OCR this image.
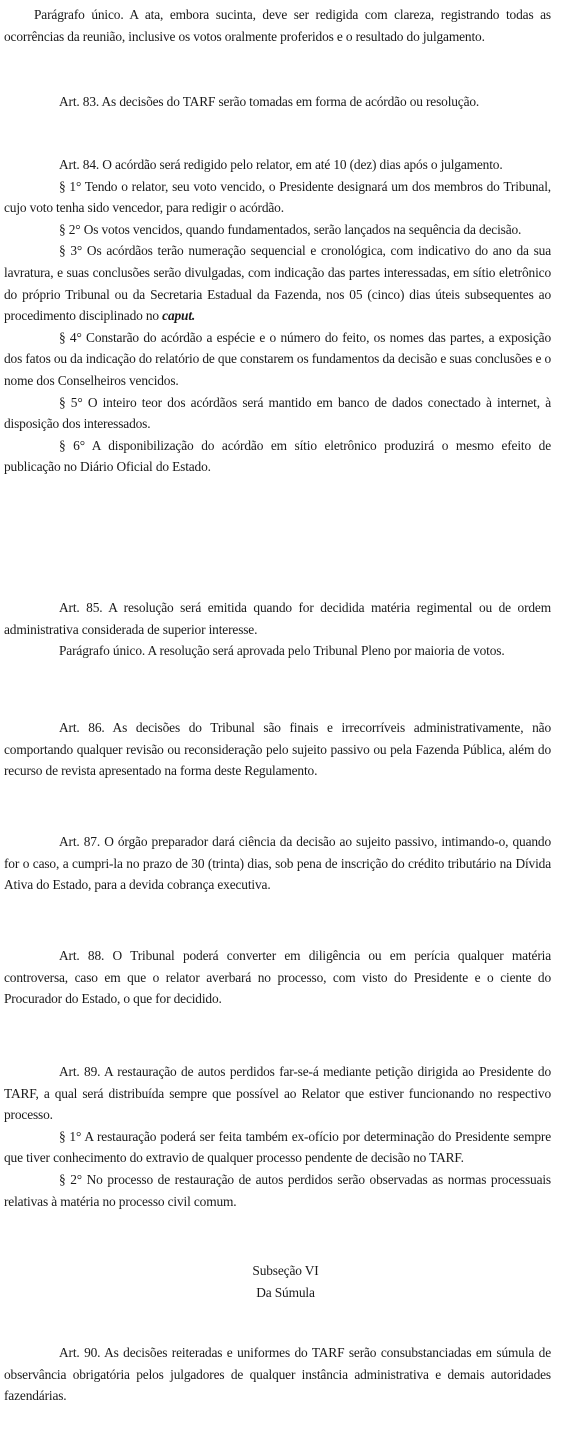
Parágrafo único. A ata, embora sucinta, deve ser redigida com clareza, registrando todas as ocorrências da reunião, inclusive os votos oralmente proferidos e o resultado do julgamento.

Art. 83. As decisões do TARF serão tomadas em forma de acórdão ou resolução.

Art. 84. O acórdão será redigido pelo relator, em até 10 (dez) dias após o julgamento.

§ 1° Tendo o relator, seu voto vencido, o Presidente designará um dos membros do Tribunal, cujo voto tenha sido vencedor, para redigir o acórdão.

§ 2° Os votos vencidos, quando fundamentados, serão lançados na sequência da decisão.

§ 3° Os acórdãos terão numeração sequencial e cronológica, com indicativo do ano da sua lavratura, e suas conclusões serão divulgadas, com indicação das partes interessadas, em sítio eletrônico do próprio Tribunal ou da Secretaria Estadual da Fazenda, nos 05 (cinco) dias úteis subsequentes ao procedimento disciplinado no caput.

§ 4° Constarão do acórdão a espécie e o número do feito, os nomes das partes, a exposição dos fatos ou da indicação do relatório de que constarem os fundamentos da decisão e suas conclusões e o nome dos Conselheiros vencidos.

§ 5° O inteiro teor dos acórdãos será mantido em banco de dados conectado à internet, à disposição dos interessados.

§ 6° A disponibilização do acórdão em sítio eletrônico produzirá o mesmo efeito de publicação no Diário Oficial do Estado.

Art. 85. A resolução será emitida quando for decidida matéria regimental ou de ordem administrativa considerada de superior interesse.

Parágrafo único. A resolução será aprovada pelo Tribunal Pleno por maioria de votos.

Art. 86. As decisões do Tribunal são finais e irrecorríveis administrativamente, não comportando qualquer revisão ou reconsideração pelo sujeito passivo ou pela Fazenda Pública, além do recurso de revista apresentado na forma deste Regulamento.

Art. 87. O órgão preparador dará ciência da decisão ao sujeito passivo, intimando-o, quando for o caso, a cumpri-la no prazo de 30 (trinta) dias, sob pena de inscrição do crédito tributário na Dívida Ativa do Estado, para a devida cobrança executiva.

Art. 88. O Tribunal poderá converter em diligência ou em perícia qualquer matéria controversa, caso em que o relator averbará no processo, com visto do Presidente e o ciente do Procurador do Estado, o que for decidido.

Art. 89. A restauração de autos perdidos far-se-á mediante petição dirigida ao Presidente do TARF, a qual será distribuída sempre que possível ao Relator que estiver funcionando no respectivo processo.

§ 1° A restauração poderá ser feita também ex-ofício por determinação do Presidente sempre que tiver conhecimento do extravio de qualquer processo pendente de decisão no TARF.

§ 2° No processo de restauração de autos perdidos serão observadas as normas processuais relativas à matéria no processo civil comum.

Subseção VI

Da Súmula

Art. 90. As decisões reiteradas e uniformes do TARF serão consubstanciadas em súmula de observância obrigatória pelos julgadores de qualquer instância administrativa e demais autoridades fazendárias.
